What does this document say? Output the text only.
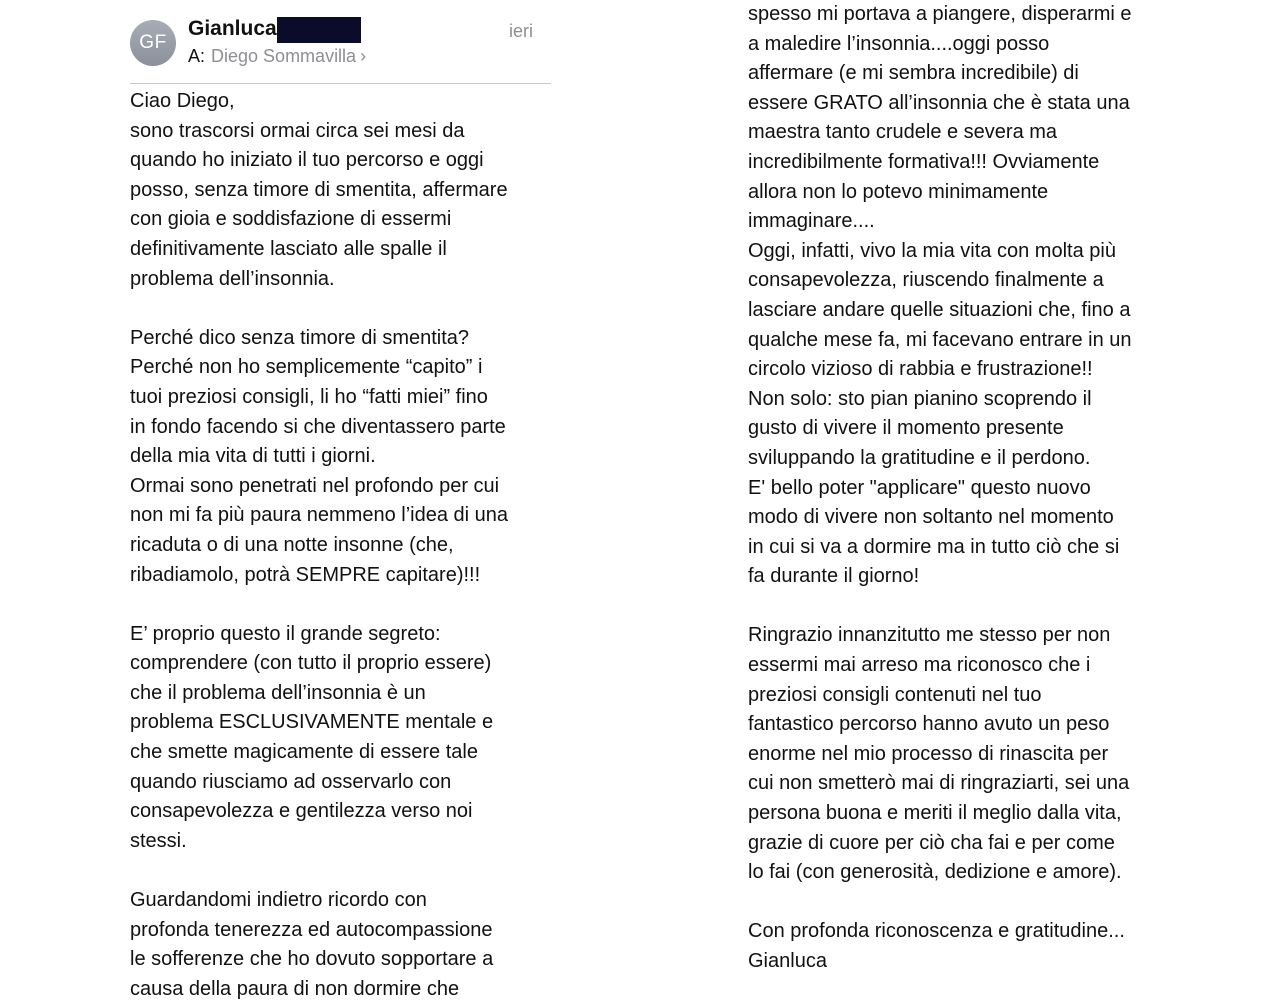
GF
Gianluca	ieri
A: Diego Sommavilla ›
Ciao Diego,
sono trascorsi ormai circa sei mesi da
quando ho iniziato il tuo percorso e oggi
posso, senza timore di smentita, affermare
con gioia e soddisfazione di essermi
definitivamente lasciato alle spalle il
problema dell’insonnia.
Perché dico senza timore di smentita?
Perché non ho semplicemente “capito” i
tuoi preziosi consigli, li ho “fatti miei” fino
in fondo facendo si che diventassero parte
della mia vita di tutti i giorni.
Ormai sono penetrati nel profondo per cui
non mi fa più paura nemmeno l’idea di una
ricaduta o di una notte insonne (che,
ribadiamolo, potrà SEMPRE capitare)!!!
E’ proprio questo il grande segreto:
comprendere (con tutto il proprio essere)
che il problema dell’insonnia è un
problema ESCLUSIVAMENTE mentale e
che smette magicamente di essere tale
quando riusciamo ad osservarlo con
consapevolezza e gentilezza verso noi
stessi.
Guardandomi indietro ricordo con
profonda tenerezza ed autocompassione
le sofferenze che ho dovuto sopportare a
causa della paura di non dormire che
spesso mi portava a piangere, disperarmi e
a maledire l’insonnia....oggi posso
affermare (e mi sembra incredibile) di
essere GRATO all’insonnia che è stata una
maestra tanto crudele e severa ma
incredibilmente formativa!!! Ovviamente
allora non lo potevo minimamente
immaginare....
Oggi, infatti, vivo la mia vita con molta più
consapevolezza, riuscendo finalmente a
lasciare andare quelle situazioni che, fino a
qualche mese fa, mi facevano entrare in un
circolo vizioso di rabbia e frustrazione!!
Non solo: sto pian pianino scoprendo il
gusto di vivere il momento presente
sviluppando la gratitudine e il perdono.
E' bello poter "applicare" questo nuovo
modo di vivere non soltanto nel momento
in cui si va a dormire ma in tutto ciò che si
fa durante il giorno!
Ringrazio innanzitutto me stesso per non
essermi mai arreso ma riconosco che i
preziosi consigli contenuti nel tuo
fantastico percorso hanno avuto un peso
enorme nel mio processo di rinascita per
cui non smetterò mai di ringraziarti, sei una
persona buona e meriti il meglio dalla vita,
grazie di cuore per ciò cha fai e per come
lo fai (con generosità, dedizione e amore).
Con profonda riconoscenza e gratitudine...
Gianluca
